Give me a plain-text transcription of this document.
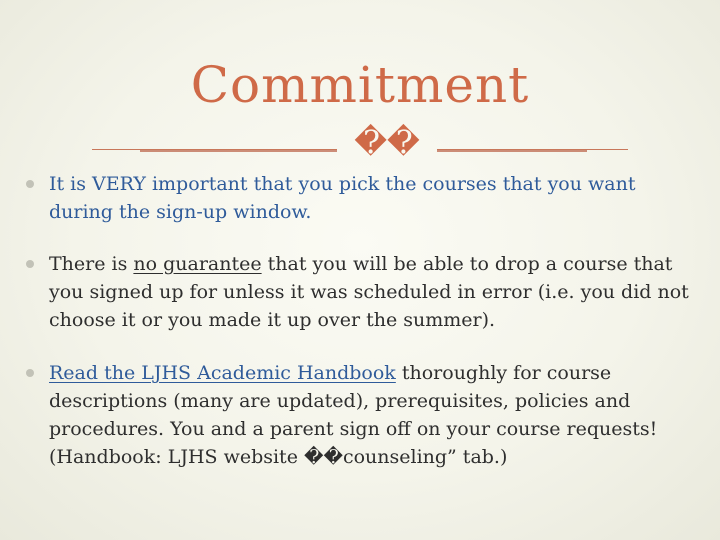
Commitment
��

It is VERY important that you pick the courses that you want during the sign-up window.

There is no guarantee that you will be able to drop a course that you signed up for unless it was scheduled in error (i.e. you did not choose it or you made it up over the summer).

Read the LJHS Academic Handbook thoroughly for course descriptions (many are updated), prerequisites, policies and procedures. You and a parent sign off on your course requests! (Handbook: LJHS website ��counseling” tab.)
